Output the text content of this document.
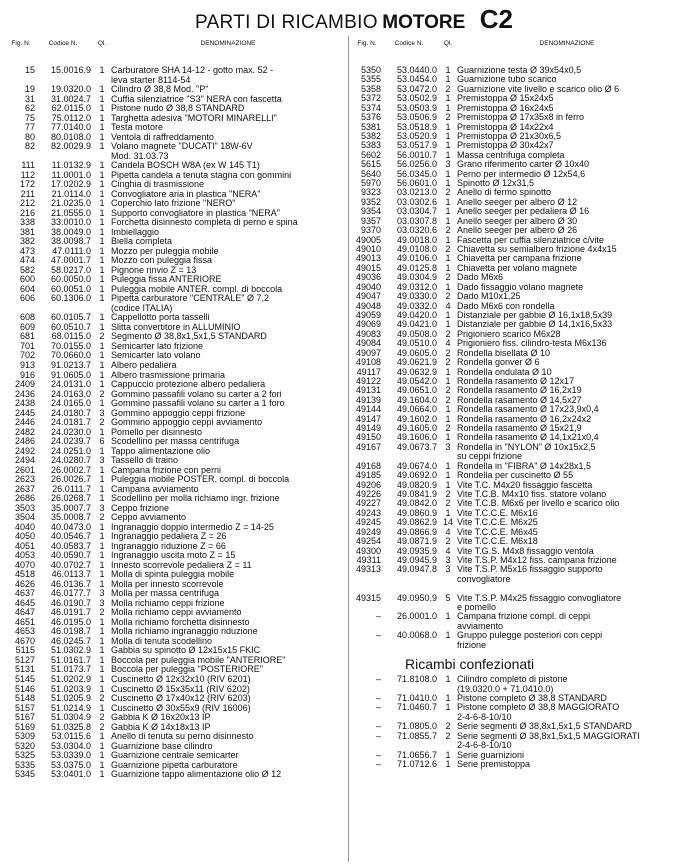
PARTI DI RICAMBIO MOTORE C2
Fig. N.	Codice N.	Ql.	DENOMINAZIONE
15	15.0016.9 1 Carburatore SHA 14-12 - gotto max. 52 -
leva starter 8114-54
19	19.0320.0 1 Cilindro Ø 38,8 Mod. "P"
31	31.0024.7 1 Cuffia silenziatrice "S3" NERA con fascetta
62	62.0115.0 1 Pistone nudo Ø 38,8 STANDARD
75	75.0112.0 1 Targhetta adesiva "MOTORI MINARELLI"
77	77.0140.0 1 Testa motore
80	80.0108.0 1 Ventola di raffreddamento
82	82.0029.9 1 Volano magnete "DUCATI" 18W-6V
Mod. 31.03.73
111	11.0132.9 1 Candela BOSCH W8A (ex W 145 T1)
112	11.0001.0 1 Pipetta candela a tenuta stagna con gommini
172	17.0202.9 1 Cinghia di trasmissione
211	21.0114.0 1 Convogliatore aria in plastica "NERA"
212	21.0235.0 1 Coperchio lato frizione "NERO"
216	21.0555.0 1 Supporto convogliatore in plastica "NERA"
338	33.0010.0 1 Forchetta disinnesto completa di perno e spina
381	38.0049.0 1 Imbiellaggio
382	38.0098.7 1 Biella completa
473	47.0111.0 1 Mozzo per puleggia mobile
474	47.0001.7 1 Mozzo con puleggia fissa
582	58.0217.0 1 Pignone rinvio Z = 13
600	60.0050.0 1 Puleggia fissa ANTERIORE
604	60.0051.0 1 Puleggia mobile ANTER. compl. di boccola
606	60.1306.0 1 Pipetta carburatore "CENTRALE" Ø 7,2
(codice ITALIA)
608	60.0105.7 1 Cappellotto porta tasselli
609	60.0510.7 1 Slitta convertitore in ALLUMINIO
681	68.0115.0 2 Segmento Ø 38,8x1,5x1,5 STANDARD
701	70.0155.0 1 Semicarter lato frizione
702	70.0660.0 1 Semicarter lato volano
913	91.0213.7 1 Albero pedaliera
916	91.0605.0 1 Albero trasmissione primaria
2409	24.0131.0 1 Cappuccio protezione albero pedaliera
2436	24.0163.0 2 Gommino passafili volano su carter a 2 fori
2438	24.0165.0 1 Gommino passafili volano su carter a 1 foro
2445	24.0180.7 3 Gommino appoggio ceppi frizione
2446	24.0181.7 2 Gommino appoggio ceppi avviamento
2482	24.0230.0 1 Pomello per disinnesto
2486	24.0239.7 6 Scodellino per massa centrifuga
2492	24.0251.0 1 Tappo alimentazione olio
2494	24.0280.7 3 Tassello di traino
2601	26.0002.7 1 Campana frizione con perni
2623	26.0026.7 1 Puleggia mobile POSTER. compl. di boccola
2637	26.0111.7 1 Campana avviamento
2686	26.0268.7 1 Scodellino per molla richiamo ingr. frizione
3503	35.0007.7 3 Ceppo frizione
3504	35.0008.7 2 Ceppo avviamento
4040	40.0473.0 1 Ingranaggio doppio intermedio Z = 14-25
4050	40.0546.7 1 Ingranaggio pedaliera Z = 26
4051	40.0583.7 1 Ingranaggio riduzione Z = 66
4053	40.0590.7 1 Ingranaggio uscita moto Z = 15
4070	40.0702.7 1 Innesto scorrevole pedaliera Z = 11
4518	46.0113.7 1 Molla di spinta puleggia mobile
4626	46.0136.7 1 Molla per innesto scorrevole
4637	46.0177.7 3 Molla per massa centrifuga
4645	46.0190.7 3 Molla richiamo ceppi frizione
4647	46.0191.7 2 Molla richiamo ceppi avviamento
4651	46.0195.0 1 Molla richiamo forchetta disinnesto
4653	46.0198.7 1 Molla richiamo ingranaggio riduzione
4670	46.0245.7 1 Molla di tenuta scodellino
5115	51.0302.9 1 Gabbia su spinotto Ø 12x15x15 FKIC
5127	51.0161.7 1 Boccola per puleggia mobile "ANTERIORE"
5131	51.0173.7 1 Boccola per puleggia "POSTERIORE"
5145	51.0202.9 1 Cuscinetto Ø 12x32x10 (RIV 6201)
5146	51.0203.9 1 Cuscinetto Ø 15x35x11 (RIV 6202)
5148	51.0205.9 2 Cuscinetto Ø 17x40x12 (RIV 6203)
5157	51.0214.9 1 Cuscinetto Ø 30x55x9 (RIV 16006)
5167	51.0304.9 2 Gabbia K Ø 16x20x13 IP
5169	51.0325.8 2 Gabbia K Ø 14x18x13 IP
5309	53.0115.6 1 Anello di tenuta su perno disinnesto
5320	53.0304.0 1 Guarnizione base cilindro
5325	53.0339.0 1 Guarnizione centrale semicarter
5335	53.0375.0 1 Guarnizione pipetta carburatore
5345	53.0401.0 1 Guarnizione tappo alimentazione olio Ø 12
Fig. N.	Codice N.	Ql.	DENOMINAZIONE
5350	53.0440.0 1 Guarnizione testa Ø 39x54x0,5
5355	53.0454.0 1 Guarnizione tubo scarico
5358	53.0472.0 2 Guarnizione vite livello e scarico olio Ø 6
5372	53.0502.9 1 Premistoppa Ø 15x24x5
5374	53.0503.9 1 Premistoppa Ø 16x24x5
5376	53.0506.9 2 Premistoppa Ø 17x35x8 in ferro
5381	53.0518.9 1 Premistoppa Ø 14x22x4
5382	53.0520.9 1 Premistoppa Ø 21x30x6,5
5383	53.0517.9 1 Premistoppa Ø 30x42x7
5602	56.0010.7 1 Massa centrifuga completa
5615	56.0256.0 3 Grano riferimento carter Ø 10x40
5640	56.0345.0 1 Perno per intermedio Ø 12x54,6
5970	56.0601.0 1 Spinotto Ø 12x31,5
9323	03.0213.0 2 Anello di fermo spinotto
9352	03.0302.6 1 Anello seeger per albero Ø 12
9354	03.0304.7 1 Anello seeger per pedaliera Ø 16
9357	03.0307.8 1 Anello seeger per albero Ø 30
9370	03.0320.6 2 Anello seeger per albero Ø 26
49005	49.0018.0 1 Fascetta per cuffia silenziatrice c/vite
49010	49.0108.0 2 Chiavetta su semialbero frizione 4x4x15
49013	49.0106.0 1 Chiavetta per campana frizione
49015	49.0125.8 1 Chiavetta per volano magnete
49036	49.0304.9 2 Dado M6x6
49040	49.0312.0 1 Dado fissaggio volano magnete
49047	49.0330.0 2 Dado M10x1,25
49048	49.0332.0 4 Dado M6x6 con rondella
49059	49.0420.0 1 Distanziale per gabbie Ø 16,1x18,5x39
49069	49.0421.0 1 Distanziale per gabbie Ø 14,1x16,5x33
49083	49.0508.0 2 Prigioniero scarico M6x28
49084	49.0510.0 4 Prigioniero fiss. cilindro-testa M6x136
49097	49.0605.0 2 Rondella bisellata Ø 10
49108	49.0621.9 2 Rondella gonver Ø 6
49117	49.0632.9 1 Rondella ondulata Ø 10
49122	49.0542.0 1 Rondella rasamento Ø 12x17
49131	49.0651.0 2 Rondella rasamento Ø 16,2x19
49139	49.1604.0 2 Rondella rasamento Ø 14,5x27
49144	49.0664.0 1 Rondella rasamento Ø 17x23,9x0,4
49147	49.1602.0 1 Rondella rasamento Ø 16,2x24x2
49149	49.1605.0 2 Rondella rasamento Ø 15x21,9
49150	49.1606.0 1 Rondella rasamento Ø 14,1x21x0,4
49167	49.0673.7 3 Rondella in "NYLON" Ø 10x15x2,5
su ceppi frizione
49168	49.0674.0 1 Rondella in "FIBRA" Ø 14x28x1,5
49185	49.0692.0 1 Rondella per cuscinetto Ø 55
49206	49.0820.9 1 Vite T.C. M4x20 fissaggio fascetta
49226	49.0841.9 2 Vite T.C.B. M4x10 fiss. statore volano
49227	49.0842.0 2 Vite T.C.B. M6x6 per livello e scarico olio
49243	49.0860.9 1 Vite T.C.C.E. M6x16
49245	49.0862.9 14 Vite T.C.C.E. M6x25
49249	49.0866.9 4 Vite T.C.C.E. M6x45
49254	49.0871.9 2 Vite T.C.C.E. M6x18
49300	49.0935.9 4 Vite T.G.S. M4x8 fissaggio ventola
49311	49.0945.9 3 Vite T.S.P. M4x12 fiss. campana frizione
49313	49.0947.8 3 Vite T.S.P. M5x16 fissaggio supporto
convogliatore
49315	49.0950.9 5 Vite T.S.P. M4x25 fissaggio convogliatore
e pomello
–	26.0001.0 1 Campana frizione compl. di ceppi
avviamento
–	40.0068.0 1 Gruppo pulegge posteriori con ceppi
frizione
Ricambi confezionati
–	71.8108.0 1 Cilindro completo di pistone
(19.0320.0 + 71.0410.0)
–	71.0410.0 1 Pistone completo Ø 38,8 STANDARD
–	71.0460.7 1 Pistone completo Ø 38,8 MAGGIORATO
2-4-6-8-10/10
–	71.0805.0 2 Serie segmenti Ø 38,8x1,5x1,5 STANDARD
–	71.0855.7 2 Serie segmenti Ø 38,8x1,5x1,5 MAGGIORATI
2-4-6-8-10/10
–	71.0656.7 1 Serie guarnizioni
–	71.0712.6 1 Serie premistoppa
